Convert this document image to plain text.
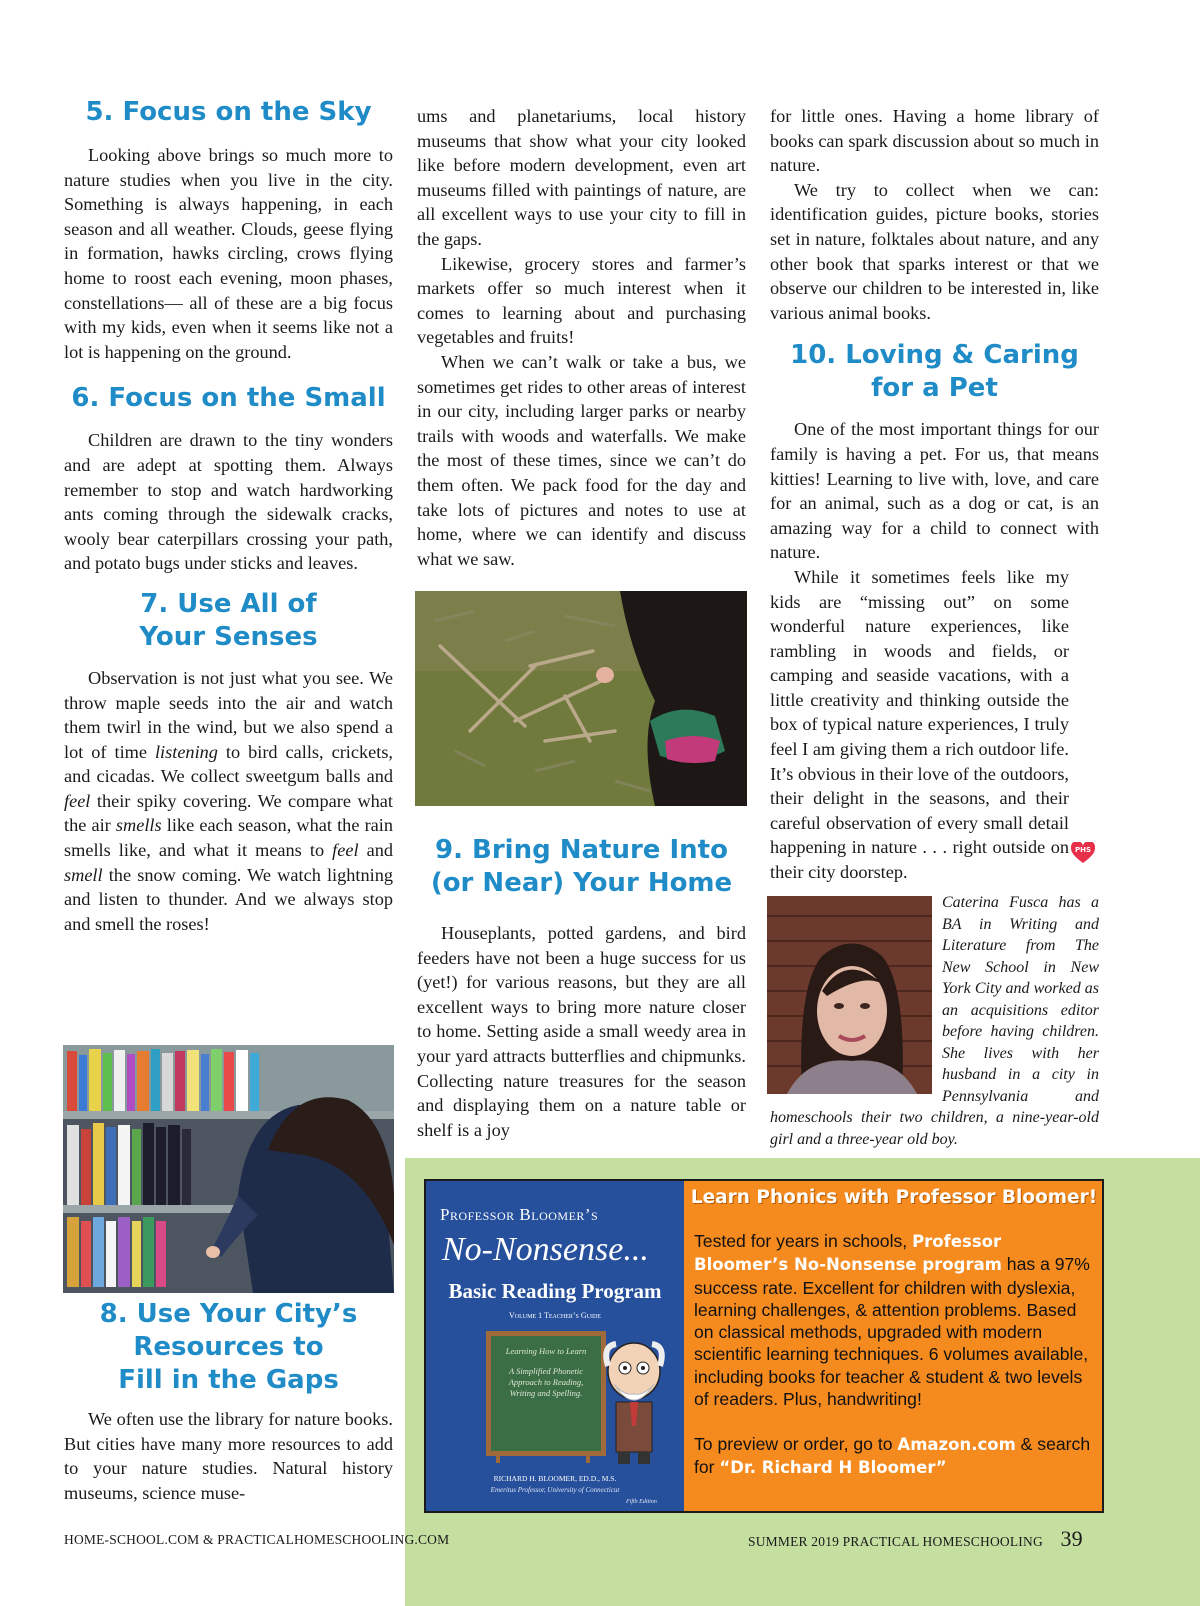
5. Focus on the Sky

Looking above brings so much more to nature studies when you live in the city. Something is always happening, in each season and all weather. Clouds, geese flying in formation, hawks circling, crows flying home to roost each evening, moon phases, constellations— all of these are a big focus with my kids, even when it seems like not a lot is happening on the ground.

6. Focus on the Small

Children are drawn to the tiny wonders and are adept at spotting them. Always remember to stop and watch hardworking ants coming through the sidewalk cracks, wooly bear caterpillars crossing your path, and potato bugs under sticks and leaves.

7. Use All of
Your Senses

Observation is not just what you see. We throw maple seeds into the air and watch them twirl in the wind, but we also spend a lot of time listening to bird calls, crickets, and cicadas. We collect sweetgum balls and feel their spiky covering. We compare what the air smells like each season, what the rain smells like, and what it means to feel and smell the snow coming. We watch lightning and listen to thunder. And we always stop and smell the roses!

8. Use Your City’s
Resources to
Fill in the Gaps

We often use the library for nature books. But cities have many more resources to add to your nature studies. Natural history museums, science muse-

ums and planetariums, local history museums that show what your city looked like before modern development, even art museums filled with paintings of nature, are all excellent ways to use your city to fill in the gaps.

Likewise, grocery stores and farmer’s markets offer so much interest when it comes to learning about and purchasing vegetables and fruits!

When we can’t walk or take a bus, we sometimes get rides to other areas of interest in our city, including larger parks or nearby trails with woods and waterfalls. We make the most of these times, since we can’t do them often. We pack food for the day and take lots of pictures and notes to use at home, where we can identify and discuss what we saw.

9. Bring Nature Into
(or Near) Your Home

Houseplants, potted gardens, and bird feeders have not been a huge success for us (yet!) for various reasons, but they are all excellent ways to bring more nature closer to home. Setting aside a small weedy area in your yard attracts butterflies and chipmunks. Collecting nature treasures for the season and displaying them on a nature table or shelf is a joy

for little ones. Having a home library of books can spark discussion about so much in nature.

We try to collect when we can: identification guides, picture books, stories set in nature, folktales about nature, and any other book that sparks interest or that we observe our children to be interested in, like various animal books.

10. Loving & Caring
for a Pet

One of the most important things for our family is having a pet. For us, that means kitties! Learning to live with, love, and care for an animal, such as a dog or cat, is an amazing way for a child to connect with nature.

While it sometimes feels like my kids are “missing out” on some wonderful nature experiences, like rambling in woods and fields, or camping and seaside vacations, with a little creativity and thinking outside the box of typical nature experiences, I truly feel I am giving them a rich outdoor life. It’s obvious in their love of the outdoors, their delight in the seasons, and their careful observation of every small detail happening in nature . . . right outside on their city doorstep.

PHS
Caterina Fusca has a BA in Writing and Literature from The New School in New York City and worked as an acquisitions editor before having children. She lives with her husband in a city in Pennsylvania and homeschools their two children, a nine-year-old girl and a three-year old boy.
Professor Bloomer’s
No-Nonsense...
Basic Reading Program
Volume 1 Teacher’s Guide
Learning How to Learn
A Simplified Phonetic Approach to Reading, Writing and Spelling.
RICHARD H. BLOOMER, ED.D., M.S.
Emeritus Professor, University of Connecticut
Fifth Edition
Learn Phonics with Professor Bloomer!
Tested for years in schools, Professor Bloomer’s No-Nonsense program has a 97% success rate. Excellent for children with dyslexia, learning challenges, & attention problems. Based on classical methods, upgraded with modern scientific learning techniques. 6 volumes available, including books for teacher & student & two levels of readers. Plus, handwriting!

To preview or order, go to Amazon.com & search for “Dr. Richard H Bloomer”
HOME-SCHOOL.COM & PRACTICALHOMESCHOOLING.COM	SUMMER 2019 PRACTICAL HOMESCHOOLING 39
